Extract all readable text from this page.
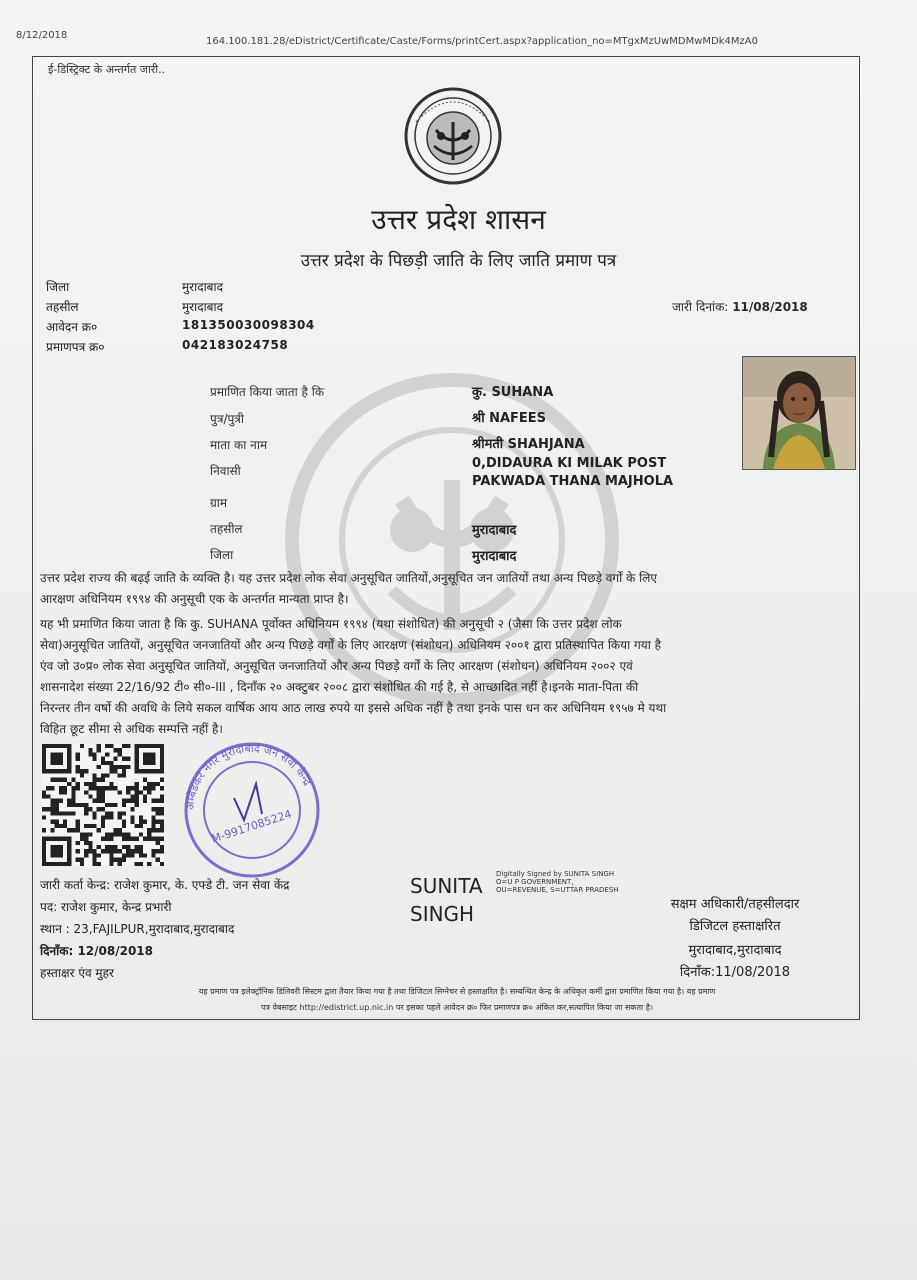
8/12/2018
164.100.181.28/eDistrict/Certificate/Caste/Forms/printCert.aspx?application_no=MTgxMzUwMDMwMDk4MzA0
ई-डिस्ट्रिक्ट के अन्तर्गत जारी..
उत्तर प्रदेश शासन
उत्तर प्रदेश के पिछड़ी जाति के लिए जाति प्रमाण पत्र
जिला	मुरादाबाद
तहसील	मुरादाबाद
आवेदन क्र०	181350030098304
प्रमाणपत्र क्र०	042183024758
जारी दिनांक: 11/08/2018
प्रमाणित किया जाता है कि	कु. SUHANA
पुत्र/पुत्री	श्री NAFEES
माता का नाम	श्रीमती SHAHJANA
निवासी	0,DIDAURA KI MILAK POST
PAKWADA THANA MAJHOLA
ग्राम
तहसील	मुरादाबाद
जिला	मुरादाबाद
उत्तर प्रदेश राज्य की बढ़ई जाति के व्यक्ति है। यह उत्तर प्रदेश लोक सेवा अनुसूचित जातियों,अनुसूचित जन जातियों तथा अन्य पिछड़े वर्गों के लिए
आरक्षण अधिनियम १९९४ की अनुसूची एक के अन्तर्गत मान्यता प्राप्त है।
यह भी प्रमाणित किया जाता है कि कु. SUHANA पूर्वोक्त अधिनियम १९९४ (यथा संशोधित) की अनुसूची २ (जैसा कि उत्तर प्रदेश लोक
सेवा)अनुसूचित जातियों, अनुसूचित जनजातियों और अन्य पिछड़े वर्गों के लिए आरक्षण (संशोधन) अधिनियम २००१ द्वारा प्रतिस्थापित किया गया है
एंव जो उ०प्र० लोक सेवा अनुसूचित जातियों, अनुसूचित जनजातियों और अन्य पिछड़े वर्गों के लिए आरक्षण (संशोधन) अधिनियम २००२ एवं
शासनादेश संख्या 22/16/92 टी० सी०-III , दिनाँक २० अक्टुबर २००८ द्वारा संशोधित की गई है, से आच्छादित नहीं है।इनके माता-पिता की
निरन्तर तीन वर्षो की अवधि के लिये सकल वार्षिक आय आठ लाख रुपये या इससे अधिक नहीं है तथा इनके पास धन कर अधिनियम १९५७ मे यथा
विहित छूट सीमा से अधिक सम्पत्ति नहीं है।
अम्बेडकर नगर मुरादाबाद जन सेवा केन्द्र
M-9917085224
जारी कर्ता केन्द्र: राजेश कुमार, के. एफ्डे टी. जन सेवा केंद्र
पद: राजेश कुमार, केन्द्र प्रभारी
स्थान : 23,FAJILPUR,मुरादाबाद,मुरादाबाद
दिनाँक: 12/08/2018
हस्ताक्षर एंव मुहर
SUNITA
SINGH
Digitally Signed by SUNITA SINGH O=U P GOVERNMENT, OU=REVENUE, S=UTTAR PRADESH
सक्षम अधिकारी/तहसीलदार
डिजिटल हस्ताक्षरित
मुरादाबाद,मुरादाबाद
दिनाँक:11/08/2018
यह प्रमाण पत्र इलेक्ट्रॉनिक डिलिवरी सिस्टम द्वारा तैयार किया गया है तथा डिजिटल सिग्नेचर से हस्ताक्षरित है। सम्बन्धित केन्द्र के अधिकृत कर्मी द्वारा प्रमाणित किया गया है। यह प्रमाण
पत्र वेबसाइट http://edistrict.up.nic.in पर इसका पहले आवेदन क्र० फिर प्रमाणपत्र क्र० अंकित कर,सत्यापित किया जा सकता है।
